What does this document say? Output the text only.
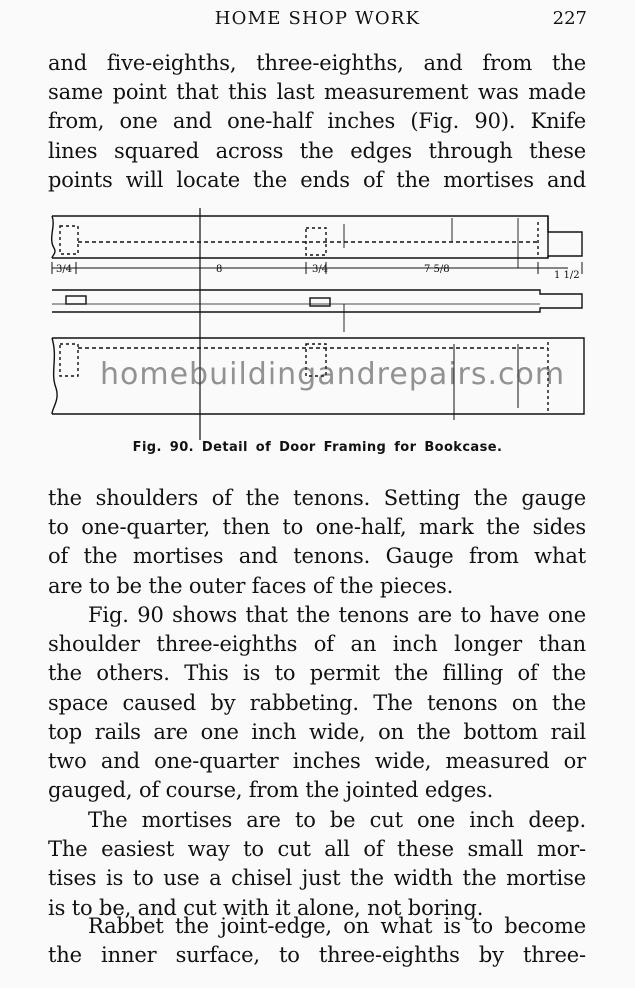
HOME SHOP WORK	227
and five-eighths, three-eighths, and from the
same point that this last measurement was made
from, one and one-half inches (Fig. 90). Knife
lines squared across the edges through these
points will locate the ends of the mortises and
3/4	8	3/4	7 5/8
1 1/2
homebuildingandrepairs.com
Fig. 90. Detail of Door Framing for Bookcase.
the shoulders of the tenons. Setting the gauge
to one-quarter, then to one-half, mark the sides
of the mortises and tenons. Gauge from what
are to be the outer faces of the pieces.
Fig. 90 shows that the tenons are to have one
shoulder three-eighths of an inch longer than
the others. This is to permit the filling of the
space caused by rabbeting. The tenons on the
top rails are one inch wide, on the bottom rail
two and one-quarter inches wide, measured or
gauged, of course, from the jointed edges.
The mortises are to be cut one inch deep.
The easiest way to cut all of these small mor-
tises is to use a chisel just the width the mortise
is to be, and cut with it alone, not boring.
Rabbet the joint-edge, on what is to become
the inner surface, to three-eighths by three-
